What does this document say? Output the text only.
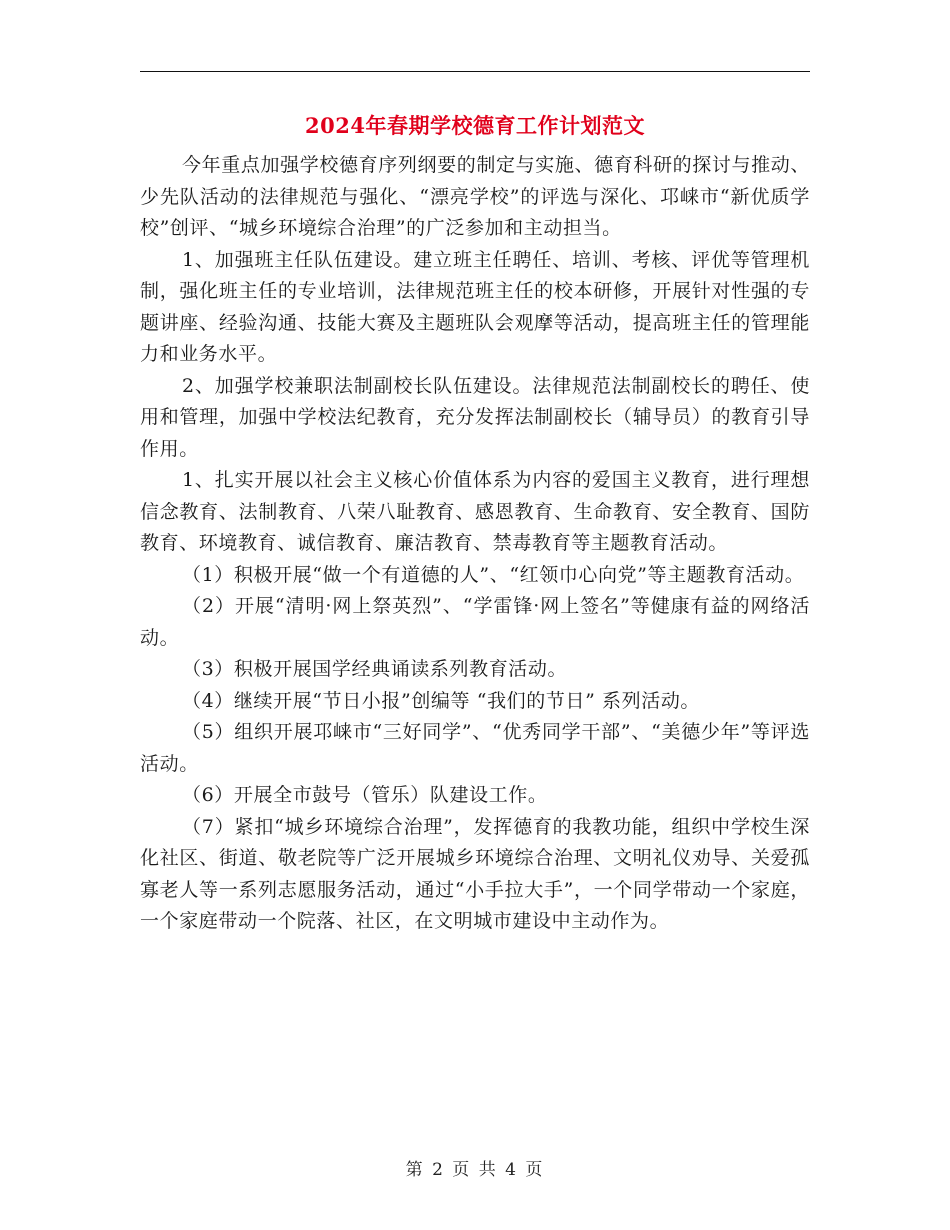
2024年春期学校德育工作计划范文

今年重点加强学校德育序列纲要的制定与实施、德育科研的探讨与推动、少先队活动的法律规范与强化、“漂亮学校”的评选与深化、邛崃市“新优质学校”创评、“城乡环境综合治理”的广泛参加和主动担当。

1、加强班主任队伍建设。建立班主任聘任、培训、考核、评优等管理机制，强化班主任的专业培训，法律规范班主任的校本研修，开展针对性强的专题讲座、经验沟通、技能大赛及主题班队会观摩等活动，提高班主任的管理能力和业务水平。

2、加强学校兼职法制副校长队伍建设。法律规范法制副校长的聘任、使用和管理，加强中学校法纪教育，充分发挥法制副校长（辅导员）的教育引导作用。

1、扎实开展以社会主义核心价值体系为内容的爱国主义教育，进行理想信念教育、法制教育、八荣八耻教育、感恩教育、生命教育、安全教育、国防教育、环境教育、诚信教育、廉洁教育、禁毒教育等主题教育活动。

（1）积极开展“做一个有道德的人”、“红领巾心向党”等主题教育活动。

（2）开展“清明·网上祭英烈”、“学雷锋·网上签名”等健康有益的网络活动。

（3）积极开展国学经典诵读系列教育活动。

（4）继续开展“节日小报”创编等 “我们的节日” 系列活动。

（5）组织开展邛崃市“三好同学”、“优秀同学干部”、“美德少年”等评选活动。

（6）开展全市鼓号（管乐）队建设工作。

（7）紧扣“城乡环境综合治理”，发挥德育的我教功能，组织中学校生深化社区、街道、敬老院等广泛开展城乡环境综合治理、文明礼仪劝导、关爱孤寡老人等一系列志愿服务活动，通过“小手拉大手”，一个同学带动一个家庭，一个家庭带动一个院落、社区，在文明城市建设中主动作为。

第 2 页 共 4 页
